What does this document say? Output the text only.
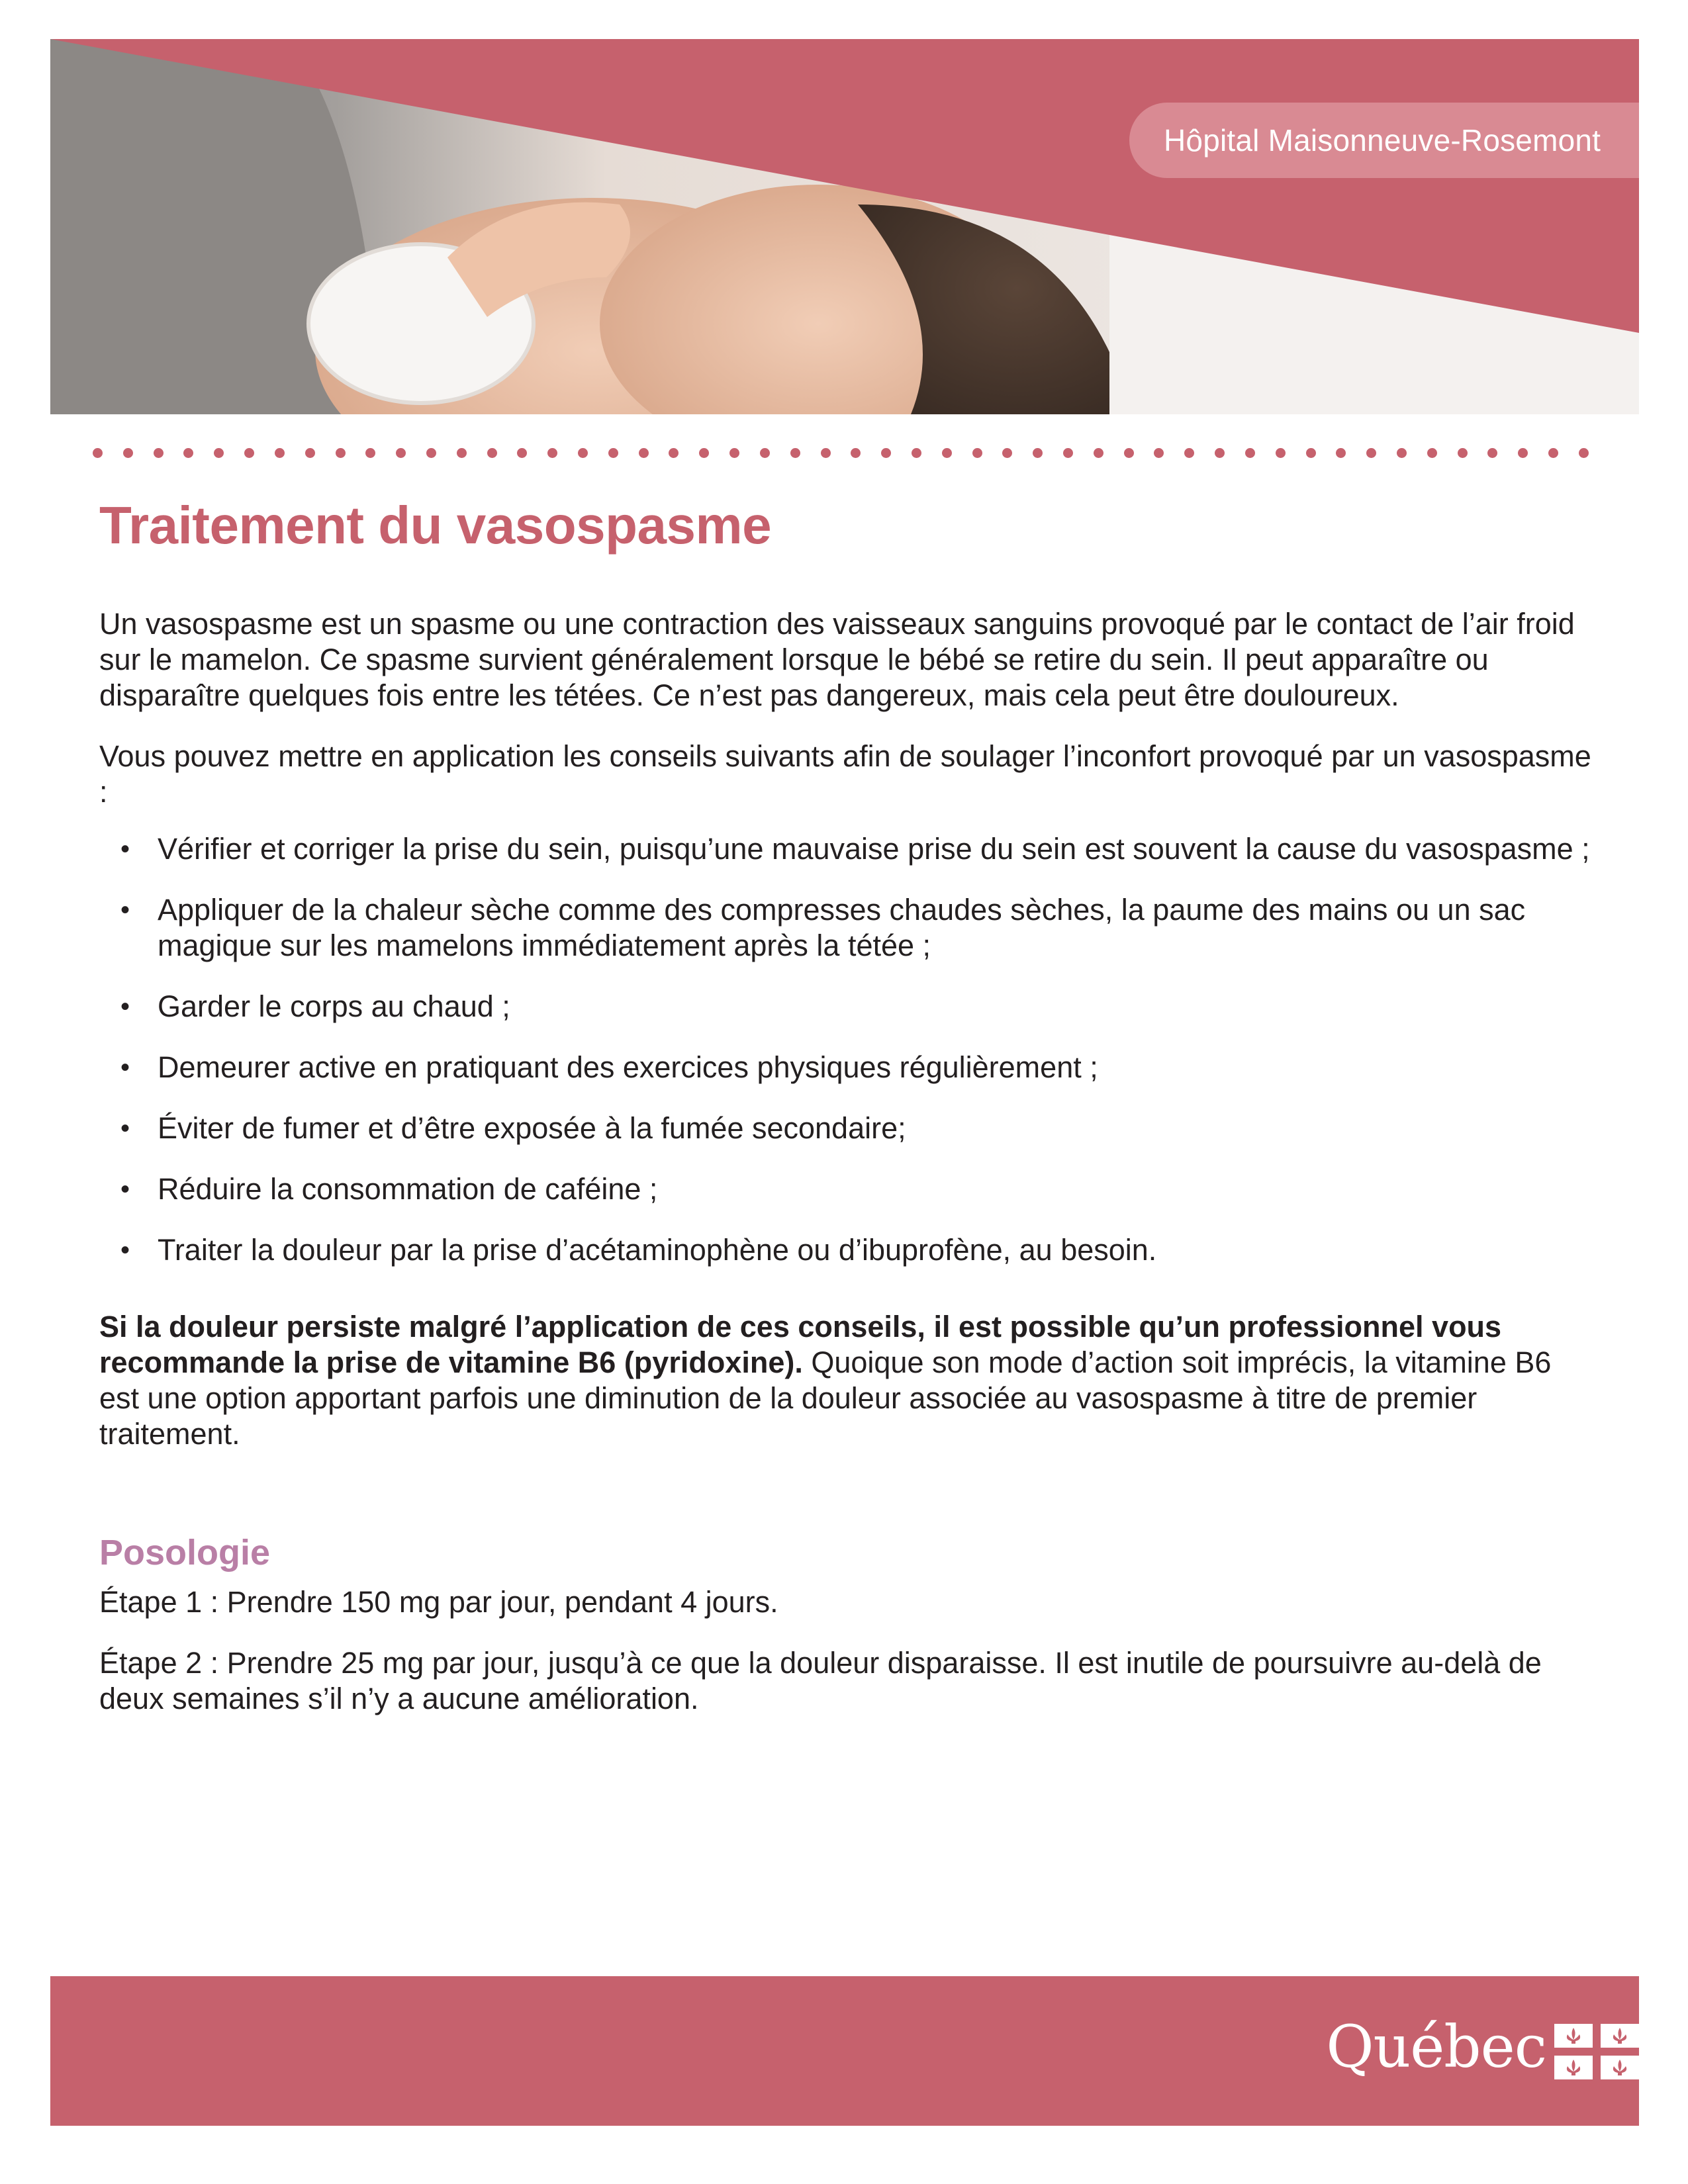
Hôpital Maisonneuve-Rosemont
Traitement du vasospasme

Un vasospasme est un spasme ou une contraction des vaisseaux sanguins provoqué par le contact de l’air froid sur le mamelon. Ce spasme survient généralement lorsque le bébé se retire du sein. Il peut apparaître ou disparaître quelques fois entre les tétées. Ce n’est pas dangereux, mais cela peut être douloureux.

Vous pouvez mettre en application les conseils suivants afin de soulager l’inconfort provoqué par un vasospasme :

• Vérifier et corriger la prise du sein, puisqu’une mauvaise prise du sein est souvent la cause du vasospasme ;
• Appliquer de la chaleur sèche comme des compresses chaudes sèches, la paume des mains ou un sac magique sur les mamelons immédiatement après la tétée ;
• Garder le corps au chaud ;
• Demeurer active en pratiquant des exercices physiques régulièrement ;
• Éviter de fumer et d’être exposée à la fumée secondaire;
• Réduire la consommation de caféine ;
• Traiter la douleur par la prise d’acétaminophène ou d’ibuprofène, au besoin.

Si la douleur persiste malgré l’application de ces conseils, il est possible qu’un professionnel vous recommande la prise de vitamine B6 (pyridoxine). Quoique son mode d’action soit imprécis, la vitamine B6 est une option apportant parfois une diminution de la douleur associée au vasospasme à titre de premier traitement.

Posologie

Étape 1 : Prendre 150 mg par jour, pendant 4 jours.

Étape 2 : Prendre 25 mg par jour, jusqu’à ce que la douleur disparaisse. Il est inutile de poursuivre au-delà de deux semaines s’il n’y a aucune amélioration.

Québec
